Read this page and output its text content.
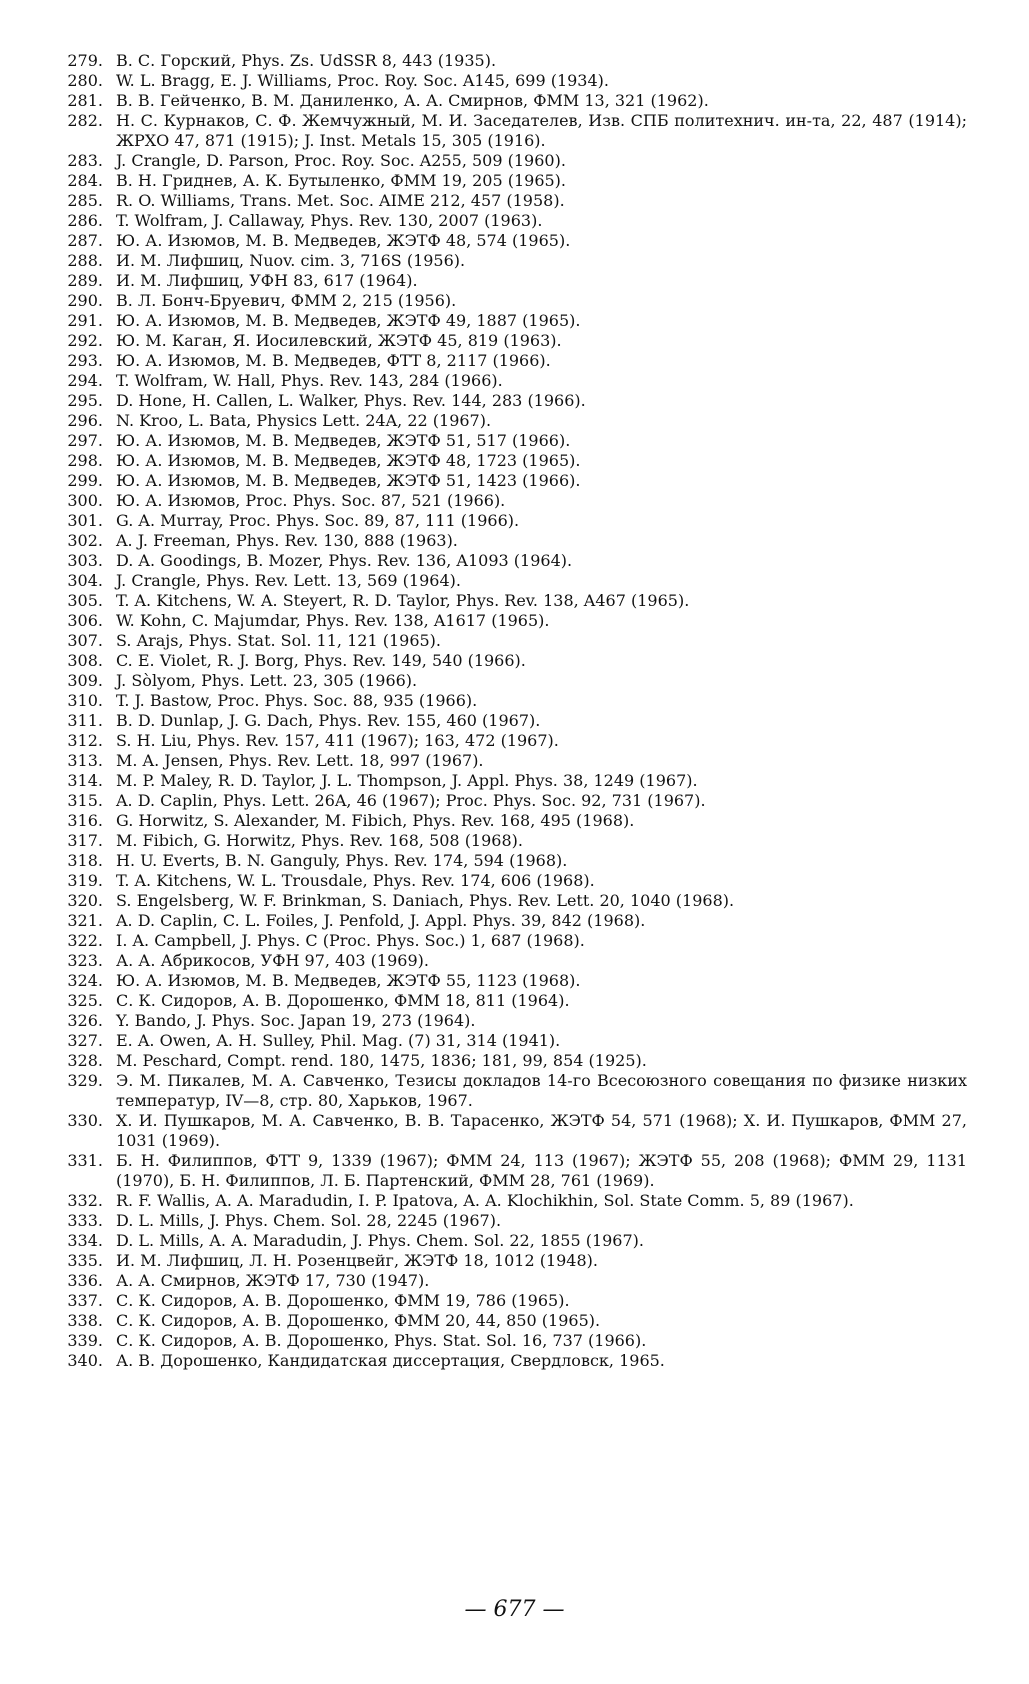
279. В. С. Горский, Phys. Zs. UdSSR 8, 443 (1935).
280. W. L. Bragg, E. J. Williams, Proc. Roy. Soc. A145, 699 (1934).
281. В. В. Гейченко, В. М. Даниленко, А. А. Смирнов, ФММ 13, 321 (1962).
282. Н. С. Курнаков, С. Ф. Жемчужный, М. И. Заседателев, Изв. СПБ политехнич. ин-та, 22, 487 (1914); ЖРХО 47, 871 (1915); J. Inst. Metals 15, 305 (1916).
283. J. Crangle, D. Parson, Proc. Roy. Soc. A255, 509 (1960).
284. В. Н. Гриднев, А. К. Бутыленко, ФММ 19, 205 (1965).
285. R. O. Williams, Trans. Met. Soc. AIME 212, 457 (1958).
286. T. Wolfram, J. Callaway, Phys. Rev. 130, 2007 (1963).
287. Ю. А. Изюмов, М. В. Медведев, ЖЭТФ 48, 574 (1965).
288. И. М. Лифшиц, Nuov. cim. 3, 716S (1956).
289. И. М. Лифшиц, УФН 83, 617 (1964).
290. В. Л. Бонч-Бруевич, ФММ 2, 215 (1956).
291. Ю. А. Изюмов, М. В. Медведев, ЖЭТФ 49, 1887 (1965).
292. Ю. М. Каган, Я. Иосилевский, ЖЭТФ 45, 819 (1963).
293. Ю. А. Изюмов, М. В. Медведев, ФТТ 8, 2117 (1966).
294. T. Wolfram, W. Hall, Phys. Rev. 143, 284 (1966).
295. D. Hone, H. Callen, L. Walker, Phys. Rev. 144, 283 (1966).
296. N. Kroo, L. Bata, Physics Lett. 24A, 22 (1967).
297. Ю. А. Изюмов, М. В. Медведев, ЖЭТФ 51, 517 (1966).
298. Ю. А. Изюмов, М. В. Медведев, ЖЭТФ 48, 1723 (1965).
299. Ю. А. Изюмов, М. В. Медведев, ЖЭТФ 51, 1423 (1966).
300. Ю. А. Изюмов, Proc. Phys. Soc. 87, 521 (1966).
301. G. A. Murray, Proc. Phys. Soc. 89, 87, 111 (1966).
302. A. J. Freeman, Phys. Rev. 130, 888 (1963).
303. D. A. Goodings, B. Mozer, Phys. Rev. 136, A1093 (1964).
304. J. Crangle, Phys. Rev. Lett. 13, 569 (1964).
305. T. A. Kitchens, W. A. Steyert, R. D. Taylor, Phys. Rev. 138, A467 (1965).
306. W. Kohn, C. Majumdar, Phys. Rev. 138, A1617 (1965).
307. S. Arajs, Phys. Stat. Sol. 11, 121 (1965).
308. C. E. Violet, R. J. Borg, Phys. Rev. 149, 540 (1966).
309. J. Sòlyom, Phys. Lett. 23, 305 (1966).
310. T. J. Bastow, Proc. Phys. Soc. 88, 935 (1966).
311. B. D. Dunlap, J. G. Dach, Phys. Rev. 155, 460 (1967).
312. S. H. Liu, Phys. Rev. 157, 411 (1967); 163, 472 (1967).
313. M. A. Jensen, Phys. Rev. Lett. 18, 997 (1967).
314. M. P. Maley, R. D. Taylor, J. L. Thompson, J. Appl. Phys. 38, 1249 (1967).
315. A. D. Caplin, Phys. Lett. 26A, 46 (1967); Proc. Phys. Soc. 92, 731 (1967).
316. G. Horwitz, S. Alexander, M. Fibich, Phys. Rev. 168, 495 (1968).
317. M. Fibich, G. Horwitz, Phys. Rev. 168, 508 (1968).
318. H. U. Everts, B. N. Ganguly, Phys. Rev. 174, 594 (1968).
319. T. A. Kitchens, W. L. Trousdale, Phys. Rev. 174, 606 (1968).
320. S. Engelsberg, W. F. Brinkman, S. Daniach, Phys. Rev. Lett. 20, 1040 (1968).
321. A. D. Caplin, C. L. Foiles, J. Penfold, J. Appl. Phys. 39, 842 (1968).
322. I. A. Campbell, J. Phys. C (Proc. Phys. Soc.) 1, 687 (1968).
323. А. А. Абрикосов, УФН 97, 403 (1969).
324. Ю. А. Изюмов, М. В. Медведев, ЖЭТФ 55, 1123 (1968).
325. С. К. Сидоров, А. В. Дорошенко, ФММ 18, 811 (1964).
326. Y. Bando, J. Phys. Soc. Japan 19, 273 (1964).
327. E. A. Owen, A. H. Sulley, Phil. Mag. (7) 31, 314 (1941).
328. M. Peschard, Compt. rend. 180, 1475, 1836; 181, 99, 854 (1925).
329. Э. М. Пикалев, М. А. Савченко, Тезисы докладов 14-го Всесоюзного совещания по физике низких температур, IV—8, стр. 80, Харьков, 1967.
330. Х. И. Пушкаров, М. А. Савченко, В. В. Тарасенко, ЖЭТФ 54, 571 (1968); Х. И. Пушкаров, ФММ 27, 1031 (1969).
331. Б. Н. Филиппов, ФТТ 9, 1339 (1967); ФММ 24, 113 (1967); ЖЭТФ 55, 208 (1968); ФММ 29, 1131 (1970), Б. Н. Филиппов, Л. Б. Партенский, ФММ 28, 761 (1969).
332. R. F. Wallis, A. A. Maradudin, I. P. Ipatova, A. A. Klochikhin, Sol. State Comm. 5, 89 (1967).
333. D. L. Mills, J. Phys. Chem. Sol. 28, 2245 (1967).
334. D. L. Mills, A. A. Maradudin, J. Phys. Chem. Sol. 22, 1855 (1967).
335. И. М. Лифшиц, Л. Н. Розенцвейг, ЖЭТФ 18, 1012 (1948).
336. А. А. Смирнов, ЖЭТФ 17, 730 (1947).
337. С. К. Сидоров, А. В. Дорошенко, ФММ 19, 786 (1965).
338. С. К. Сидоров, А. В. Дорошенко, ФММ 20, 44, 850 (1965).
339. С. К. Сидоров, А. В. Дорошенко, Phys. Stat. Sol. 16, 737 (1966).
340. А. В. Дорошенко, Кандидатская диссертация, Свердловск, 1965.
— 677 —
